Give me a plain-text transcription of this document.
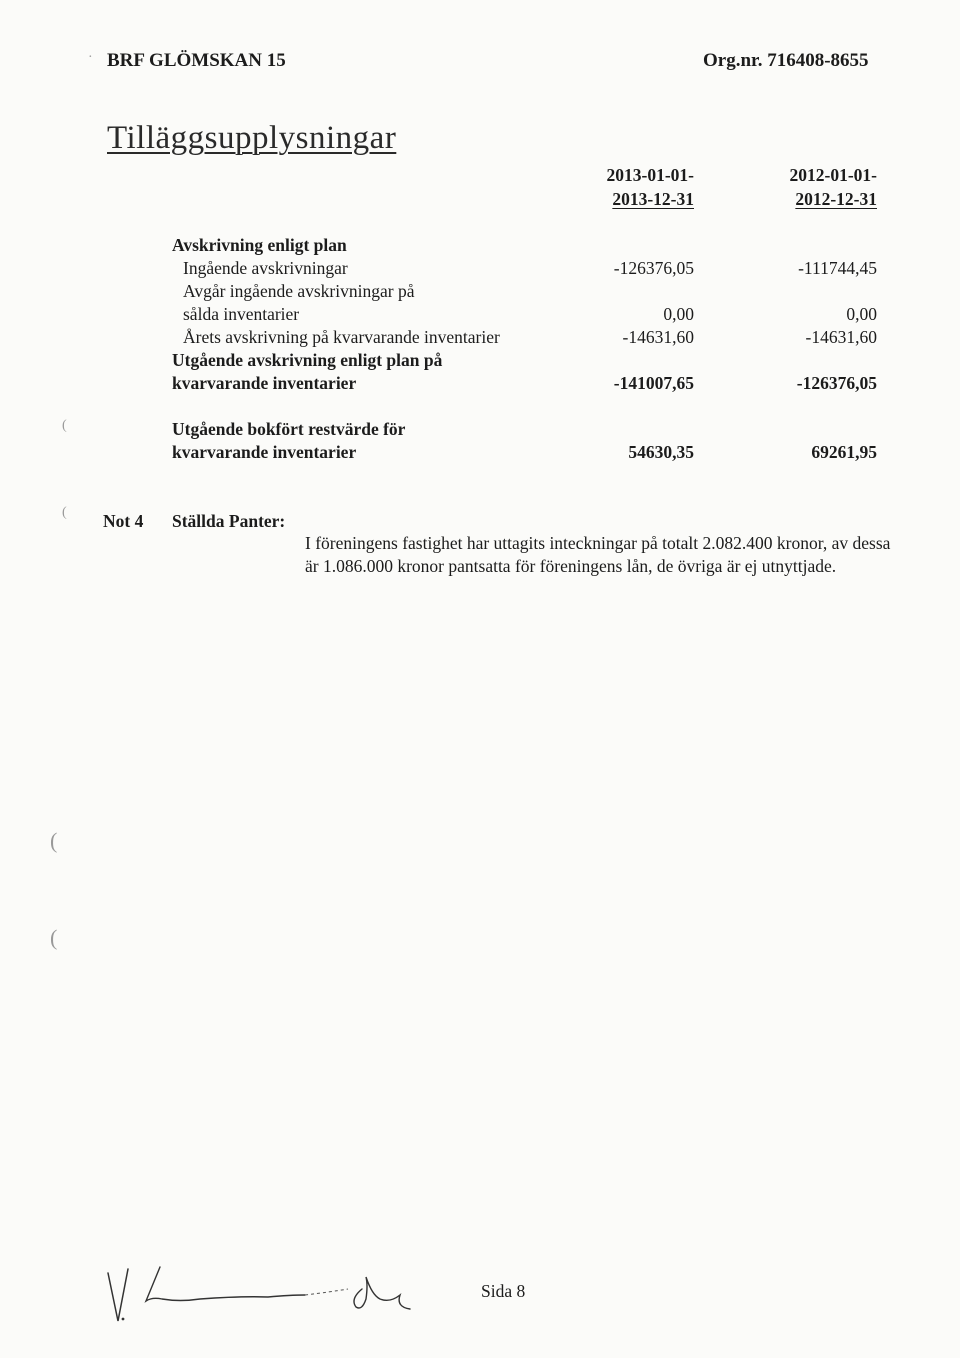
· BRF GLÖMSKAN 15	Org.nr. 716408-8655
Tilläggsupplysningar
2013-01-01-
2013-12-31
2012-01-01-
2012-12-31
Avskrivning enligt plan
Ingående avskrivningar	-126376,05	-111744,45
Avgår ingående avskrivningar på
sålda inventarier	0,00	0,00
Årets avskrivning på kvarvarande inventarier	-14631,60	-14631,60
Utgående avskrivning enligt plan på
kvarvarande inventarier	-141007,65	-126376,05
Utgående bokfört restvärde för
kvarvarande inventarier	54630,35	69261,95
Not 4 Ställda Panter:
I föreningens fastighet har uttagits inteckningar på totalt 2.082.400 kronor, av dessa är 1.086.000 kronor pantsatta för föreningens lån, de övriga är ej utnyttjade.
(
(
(
(
Sida 8
